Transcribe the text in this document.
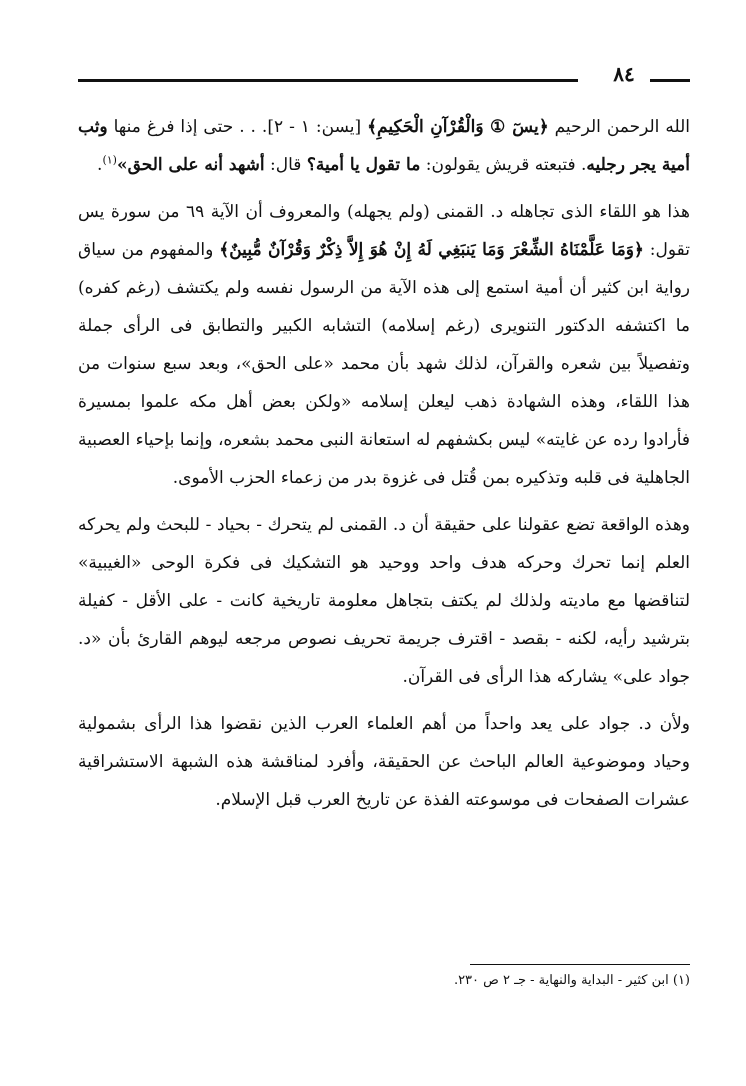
٨٤

الله الرحمن الرحيم ﴿يسٓ ① وَالْقُرْآنِ الْحَكِيمِ﴾ [يسن: ١ - ٢]. . . حتى إذا فرغ منها وثب أمية يجر رجليه. فتبعته قريش يقولون: ما تقول يا أمية؟ قال: أشهد أنه على الحق»$^{(١)}$.

هذا هو اللقاء الذى تجاهله د. القمنى (ولم يجهله) والمعروف أن الآية ٦٩ من سورة يس تقول: ﴿وَمَا عَلَّمْنَاهُ الشِّعْرَ وَمَا يَنبَغِي لَهُ إِنْ هُوَ إِلاَّ ذِكْرٌ وَقُرْآنٌ مُّبِينٌ﴾ والمفهوم من سياق رواية ابن كثير أن أمية استمع إلى هذه الآية من الرسول نفسه ولم يكتشف (رغم كفره) ما اكتشفه الدكتور التنويرى (رغم إسلامه) التشابه الكبير والتطابق فى الرأى جملة وتفصيلاً بين شعره والقرآن، لذلك شهد بأن محمد «على الحق»، وبعد سبع سنوات من هذا اللقاء، وهذه الشهادة ذهب ليعلن إسلامه «ولكن بعض أهل مكه علموا بمسيرة فأرادوا رده عن غايته» ليس بكشفهم له استعانة النبى محمد بشعره، وإنما بإحياء العصبية الجاهلية فى قلبه وتذكيره بمن قُتل فى غزوة بدر من زعماء الحزب الأموى.

وهذه الواقعة تضع عقولنا على حقيقة أن د. القمنى لم يتحرك - بحياد - للبحث ولم يحركه العلم إنما تحرك وحركه هدف واحد ووحيد هو التشكيك فى فكرة الوحى «الغيبية» لتناقضها مع ماديته ولذلك لم يكتف بتجاهل معلومة تاريخية كانت - على الأقل - كفيلة بترشيد رأيه، لكنه - بقصد - اقترف جريمة تحريف نصوص مرجعه ليوهم القارئ بأن «د. جواد على» يشاركه هذا الرأى فى القرآن.

ولأن د. جواد على يعد واحداً من أهم العلماء العرب الذين نقضوا هذا الرأى بشمولية وحياد وموضوعية العالم الباحث عن الحقيقة، وأفرد لمناقشة هذه الشبهة الاستشراقية عشرات الصفحات فى موسوعته الفذة عن تاريخ العرب قبل الإسلام.

(١) ابن كثير - البداية والنهاية - جـ ٢ ص ٢٣٠.
